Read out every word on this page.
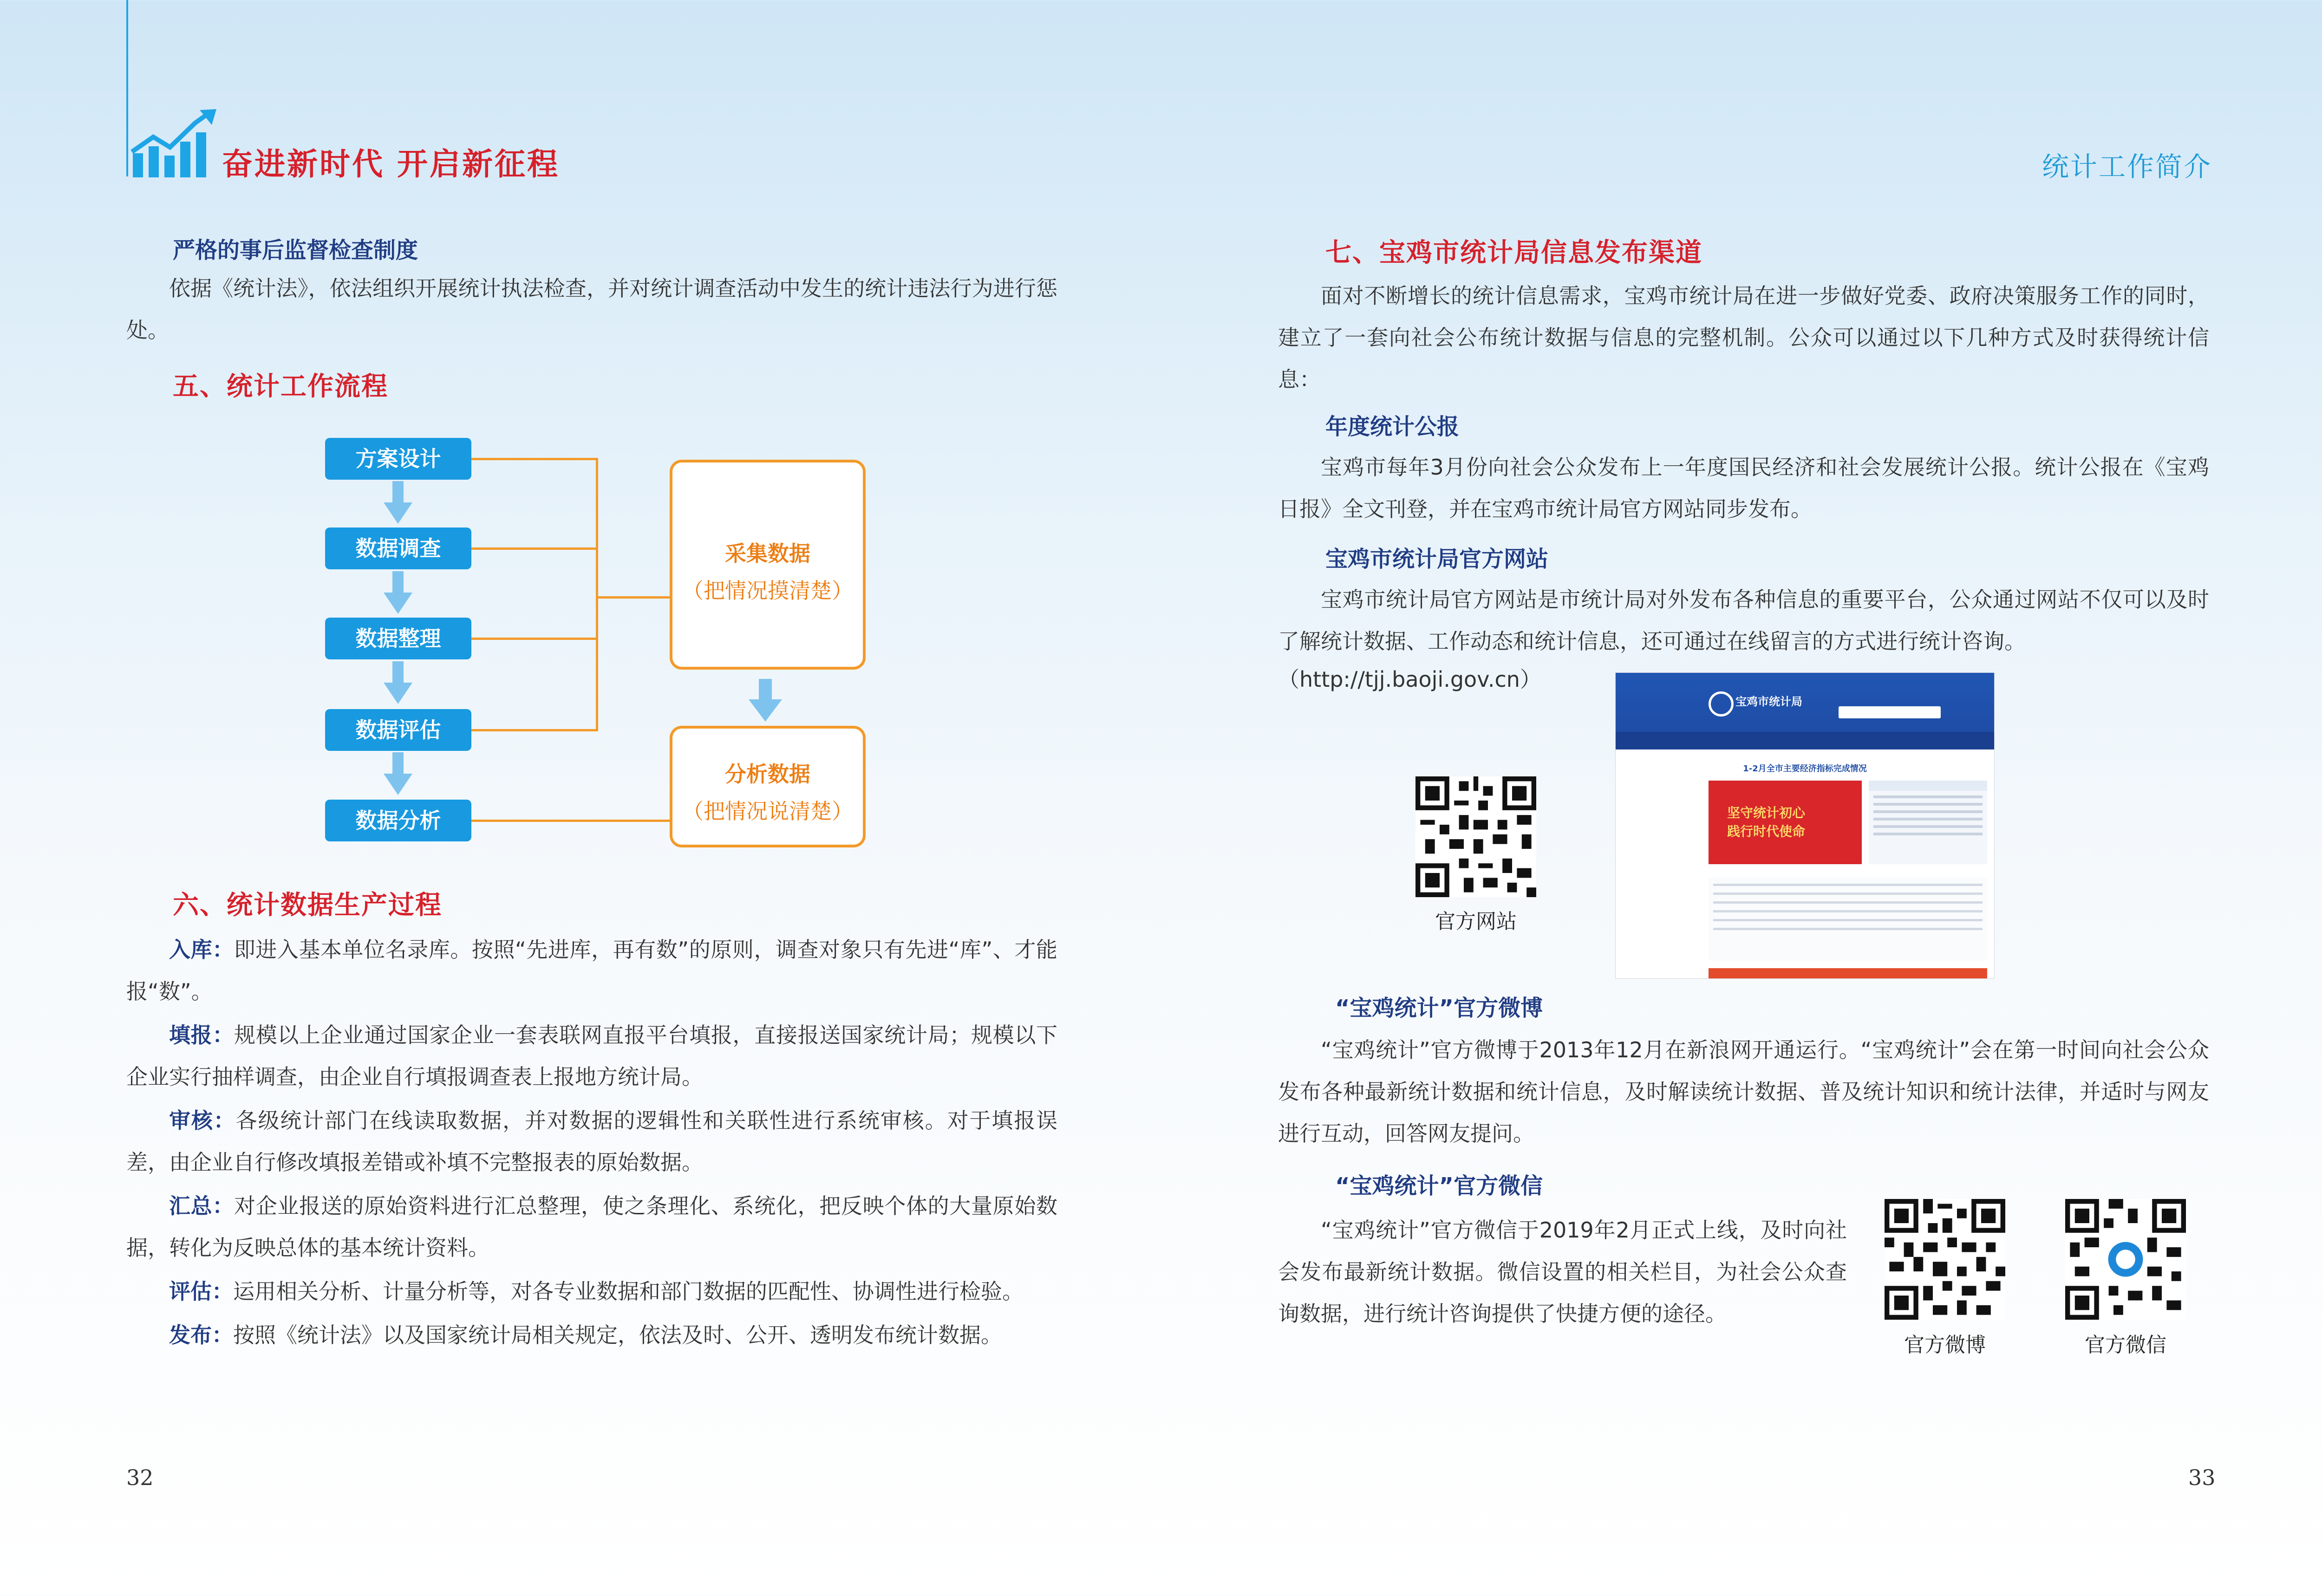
奋进新时代 开启新征程	统计工作简介
严格的事后监督检查制度

依据《统计法》，依法组织开展统计执法检查，并对统计调查活动中发生的统计违法行为进行惩处。

五、统计工作流程
方案设计
数据调查
数据整理
数据评估
数据分析
采集数据
（把情况摸清楚）
分析数据
（把情况说清楚）
六、统计数据生产过程

入库：即进入基本单位名录库。按照“先进库，再有数”的原则，调查对象只有先进“库”、才能报“数”。

填报：规模以上企业通过国家企业一套表联网直报平台填报，直接报送国家统计局；规模以下企业实行抽样调查，由企业自行填报调查表上报地方统计局。

审核：各级统计部门在线读取数据，并对数据的逻辑性和关联性进行系统审核。对于填报误差，由企业自行修改填报差错或补填不完整报表的原始数据。

汇总：对企业报送的原始资料进行汇总整理，使之条理化、系统化，把反映个体的大量原始数据，转化为反映总体的基本统计资料。

评估：运用相关分析、计量分析等，对各专业数据和部门数据的匹配性、协调性进行检验。

发布：按照《统计法》以及国家统计局相关规定，依法及时、公开、透明发布统计数据。

32
七、宝鸡市统计局信息发布渠道

面对不断增长的统计信息需求，宝鸡市统计局在进一步做好党委、政府决策服务工作的同时，建立了一套向社会公布统计数据与信息的完整机制。公众可以通过以下几种方式及时获得统计信息：

年度统计公报

宝鸡市每年3月份向社会公众发布上一年度国民经济和社会发展统计公报。统计公报在《宝鸡日报》全文刊登，并在宝鸡市统计局官方网站同步发布。

宝鸡市统计局官方网站

宝鸡市统计局官方网站是市统计局对外发布各种信息的重要平台，公众通过网站不仅可以及时了解统计数据、工作动态和统计信息，还可通过在线留言的方式进行统计咨询。

（http://tjj.baoji.gov.cn）
官方网站
宝鸡市统计局
1-2月全市主要经济指标完成情况
坚守统计初心 践行时代使命
“宝鸡统计”官方微博

“宝鸡统计”官方微博于2013年12月在新浪网开通运行。“宝鸡统计”会在第一时间向社会公众发布各种最新统计数据和统计信息，及时解读统计数据、普及统计知识和统计法律，并适时与网友进行互动，回答网友提问。

“宝鸡统计”官方微信

“宝鸡统计”官方微信于2019年2月正式上线，及时向社会发布最新统计数据。微信设置的相关栏目，为社会公众查询数据，进行统计咨询提供了快捷方便的途径。

官方微博	官方微信
33
